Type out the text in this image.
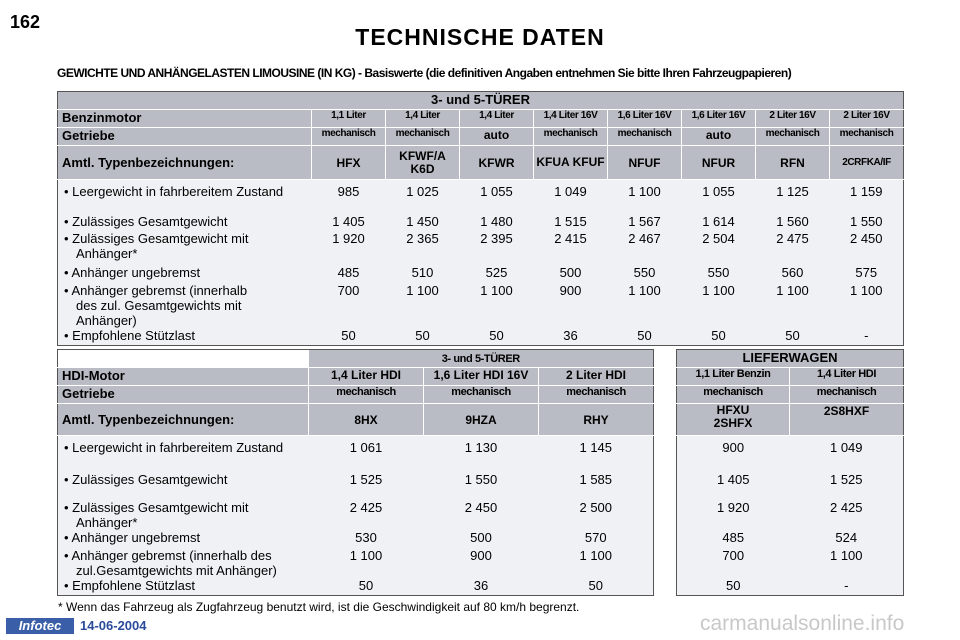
162
TECHNISCHE DATEN
GEWICHTE UND ANHÄNGELASTEN LIMOUSINE (IN KG) - Basiswerte (die definitiven Angaben entnehmen Sie bitte Ihren Fahrzeugpapieren)
3- und 5-TÜRER								
Benzinmotor	1,1 Liter	1,4 Liter	1,4 Liter	1,4 Liter 16V	1,6 Liter 16V	1,6 Liter 16V	2 Liter 16V	2 Liter 16V
Getriebe	mechanisch	mechanisch	auto	mechanisch	mechanisch	auto	mechanisch	mechanisch
Amtl. Typenbezeichnungen:	HFX	KFWF/A K6D	KFWR	KFUA KFUF	NFUF	NFUR	RFN	2CRFKA/IF

• Leergewicht in fahrbereitem Zustand	985	1 025	1 055	1 049	1 100	1 055	1 125	1 159

• Zulässiges Gesamtgewicht	1 405	1 450	1 480	1 515	1 567	1 614	1 560	1 550

• Zulässiges Gesamtgewicht mit Anhänger*	1 920	2 365	2 395	2 415	2 467	2 504	2 475	2 450

• Anhänger ungebremst	485	510	525	500	550	550	560	575

• Anhänger gebremst (innerhalb des zul. Gesamtgewichts mit Anhänger)	700	1 100	1 100	900	1 100	1 100	1 100	1 100

• Empfohlene Stützlast	50	50	50	36	50	50	50	-
	3- und 5-TÜRER		
HDI-Motor	1,4 Liter HDI	1,6 Liter HDI 16V	2 Liter HDI
Getriebe	mechanisch	mechanisch	mechanisch
Amtl. Typenbezeichnungen:	8HX	9HZA	RHY

• Leergewicht in fahrbereitem Zustand	1 061	1 130	1 145

• Zulässiges Gesamtgewicht	1 525	1 550	1 585

• Zulässiges Gesamtgewicht mit Anhänger*	2 425	2 450	2 500

• Anhänger ungebremst	530	500	570

• Anhänger gebremst (innerhalb des zul.Gesamtgewichts mit Anhänger)	1 100	900	1 100

• Empfohlene Stützlast	50	36	50
LIEFERWAGEN	
1,1 Liter Benzin	1,4 Liter HDI
mechanisch	mechanisch
HFXU 2SHFX	2S8HXF
900	1 049
1 405	1 525
1 920	2 425
485	524
700	1 100
50	-
* Wenn das Fahrzeug als Zugfahrzeug benutzt wird, ist die Geschwindigkeit auf 80 km/h begrenzt.
Infotec	14-06-2004	carmanualsonline.info
